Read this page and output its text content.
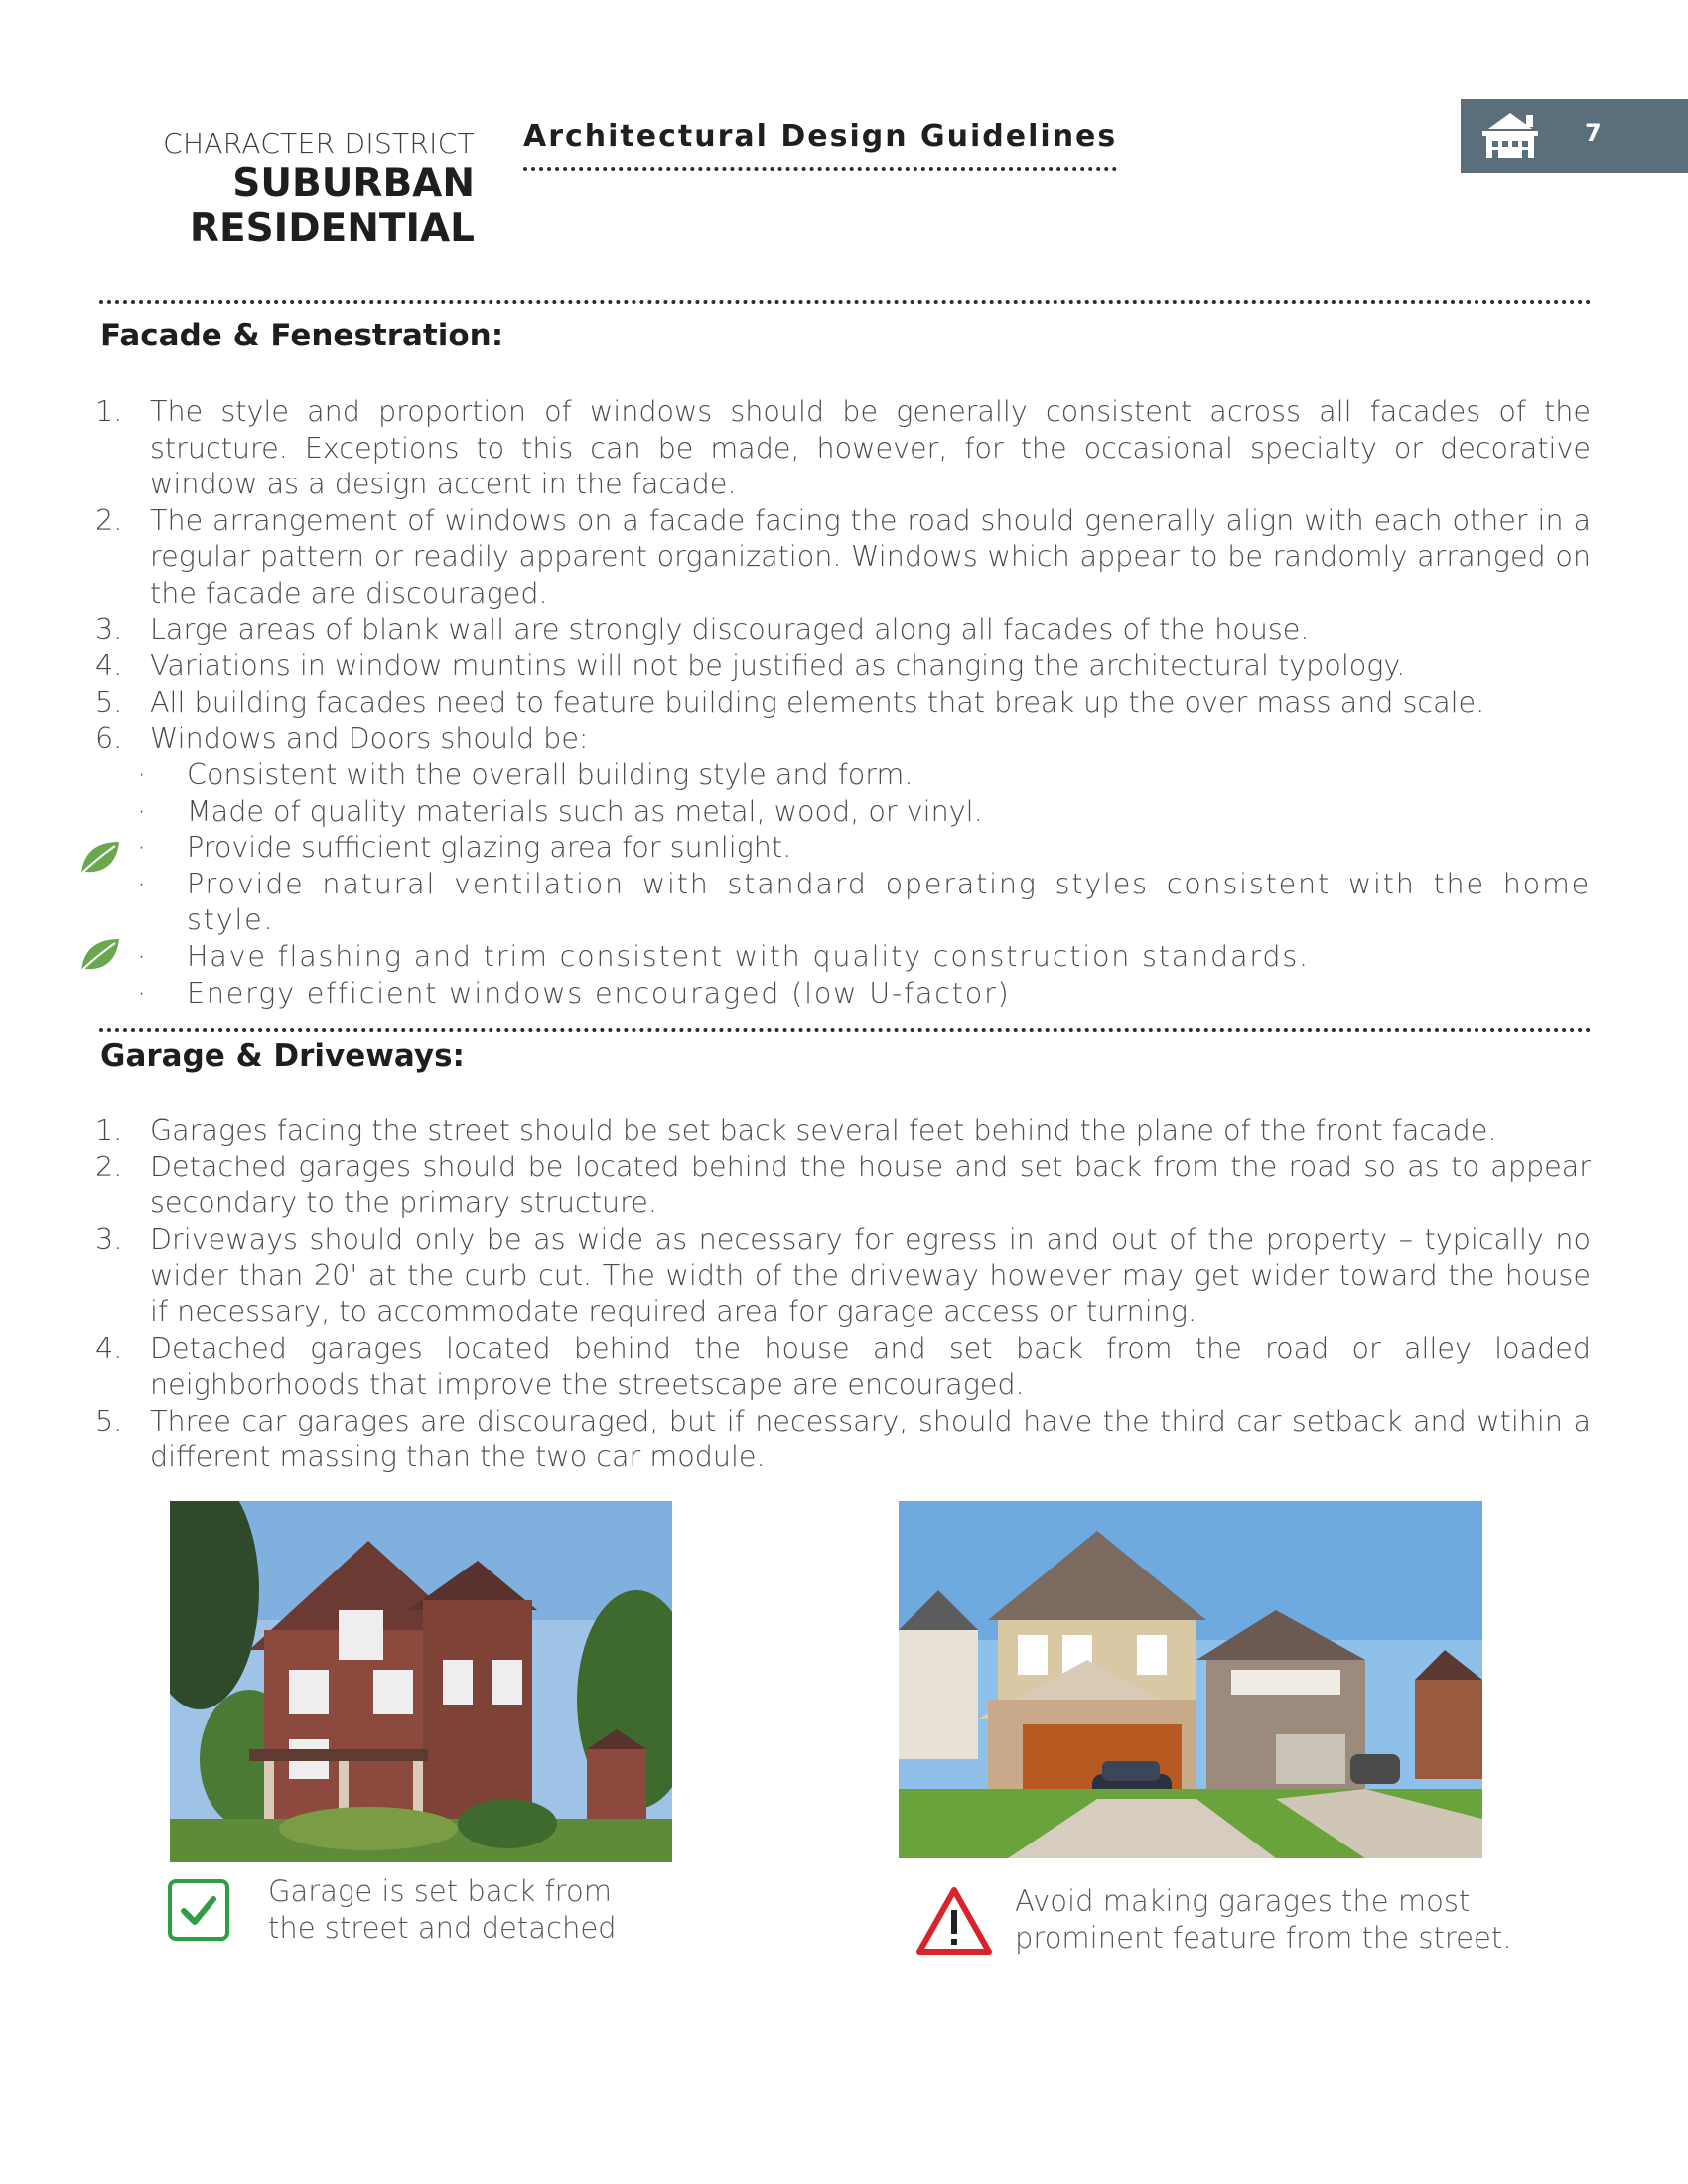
CHARACTER DISTRICT
SUBURBAN
RESIDENTIAL
Architectural Design Guidelines	7
Facade & Fenestration:
1. The style and proportion of windows should be generally consistent across all facades of the structure. Exceptions to this can be made, however, for the occasional specialty or decorative window as a design accent in the facade.
2. The arrangement of windows on a facade facing the road should generally align with each other in a regular pattern or readily apparent organization. Windows which appear to be randomly arranged on the facade are discouraged.
3. Large areas of blank wall are strongly discouraged along all facades of the house.
4. Variations in window muntins will not be justified as changing the architectural typology.
5. All building facades need to feature building elements that break up the over mass and scale.
6. Windows and Doors should be:
· Consistent with the overall building style and form.
· Made of quality materials such as metal, wood, or vinyl.
· Provide sufficient glazing area for sunlight.
· Provide natural ventilation with standard operating styles consistent with the home style.
· Have flashing and trim consistent with quality construction standards.
· Energy efficient windows encouraged (low U-factor)
Garage & Driveways:
1. Garages facing the street should be set back several feet behind the plane of the front facade.
2. Detached garages should be located behind the house and set back from the road so as to appear secondary to the primary structure.
3. Driveways should only be as wide as necessary for egress in and out of the property – typically no wider than 20' at the curb cut. The width of the driveway however may get wider toward the house if necessary, to accommodate required area for garage access or turning.
4. Detached garages located behind the house and set back from the road or alley loaded neighborhoods that improve the streetscape are encouraged.
5. Three car garages are discouraged, but if necessary, should have the third car setback and wtihin a different massing than the two car module.
Garage is set back from
the street and detached
Avoid making garages the most
prominent feature from the street.
